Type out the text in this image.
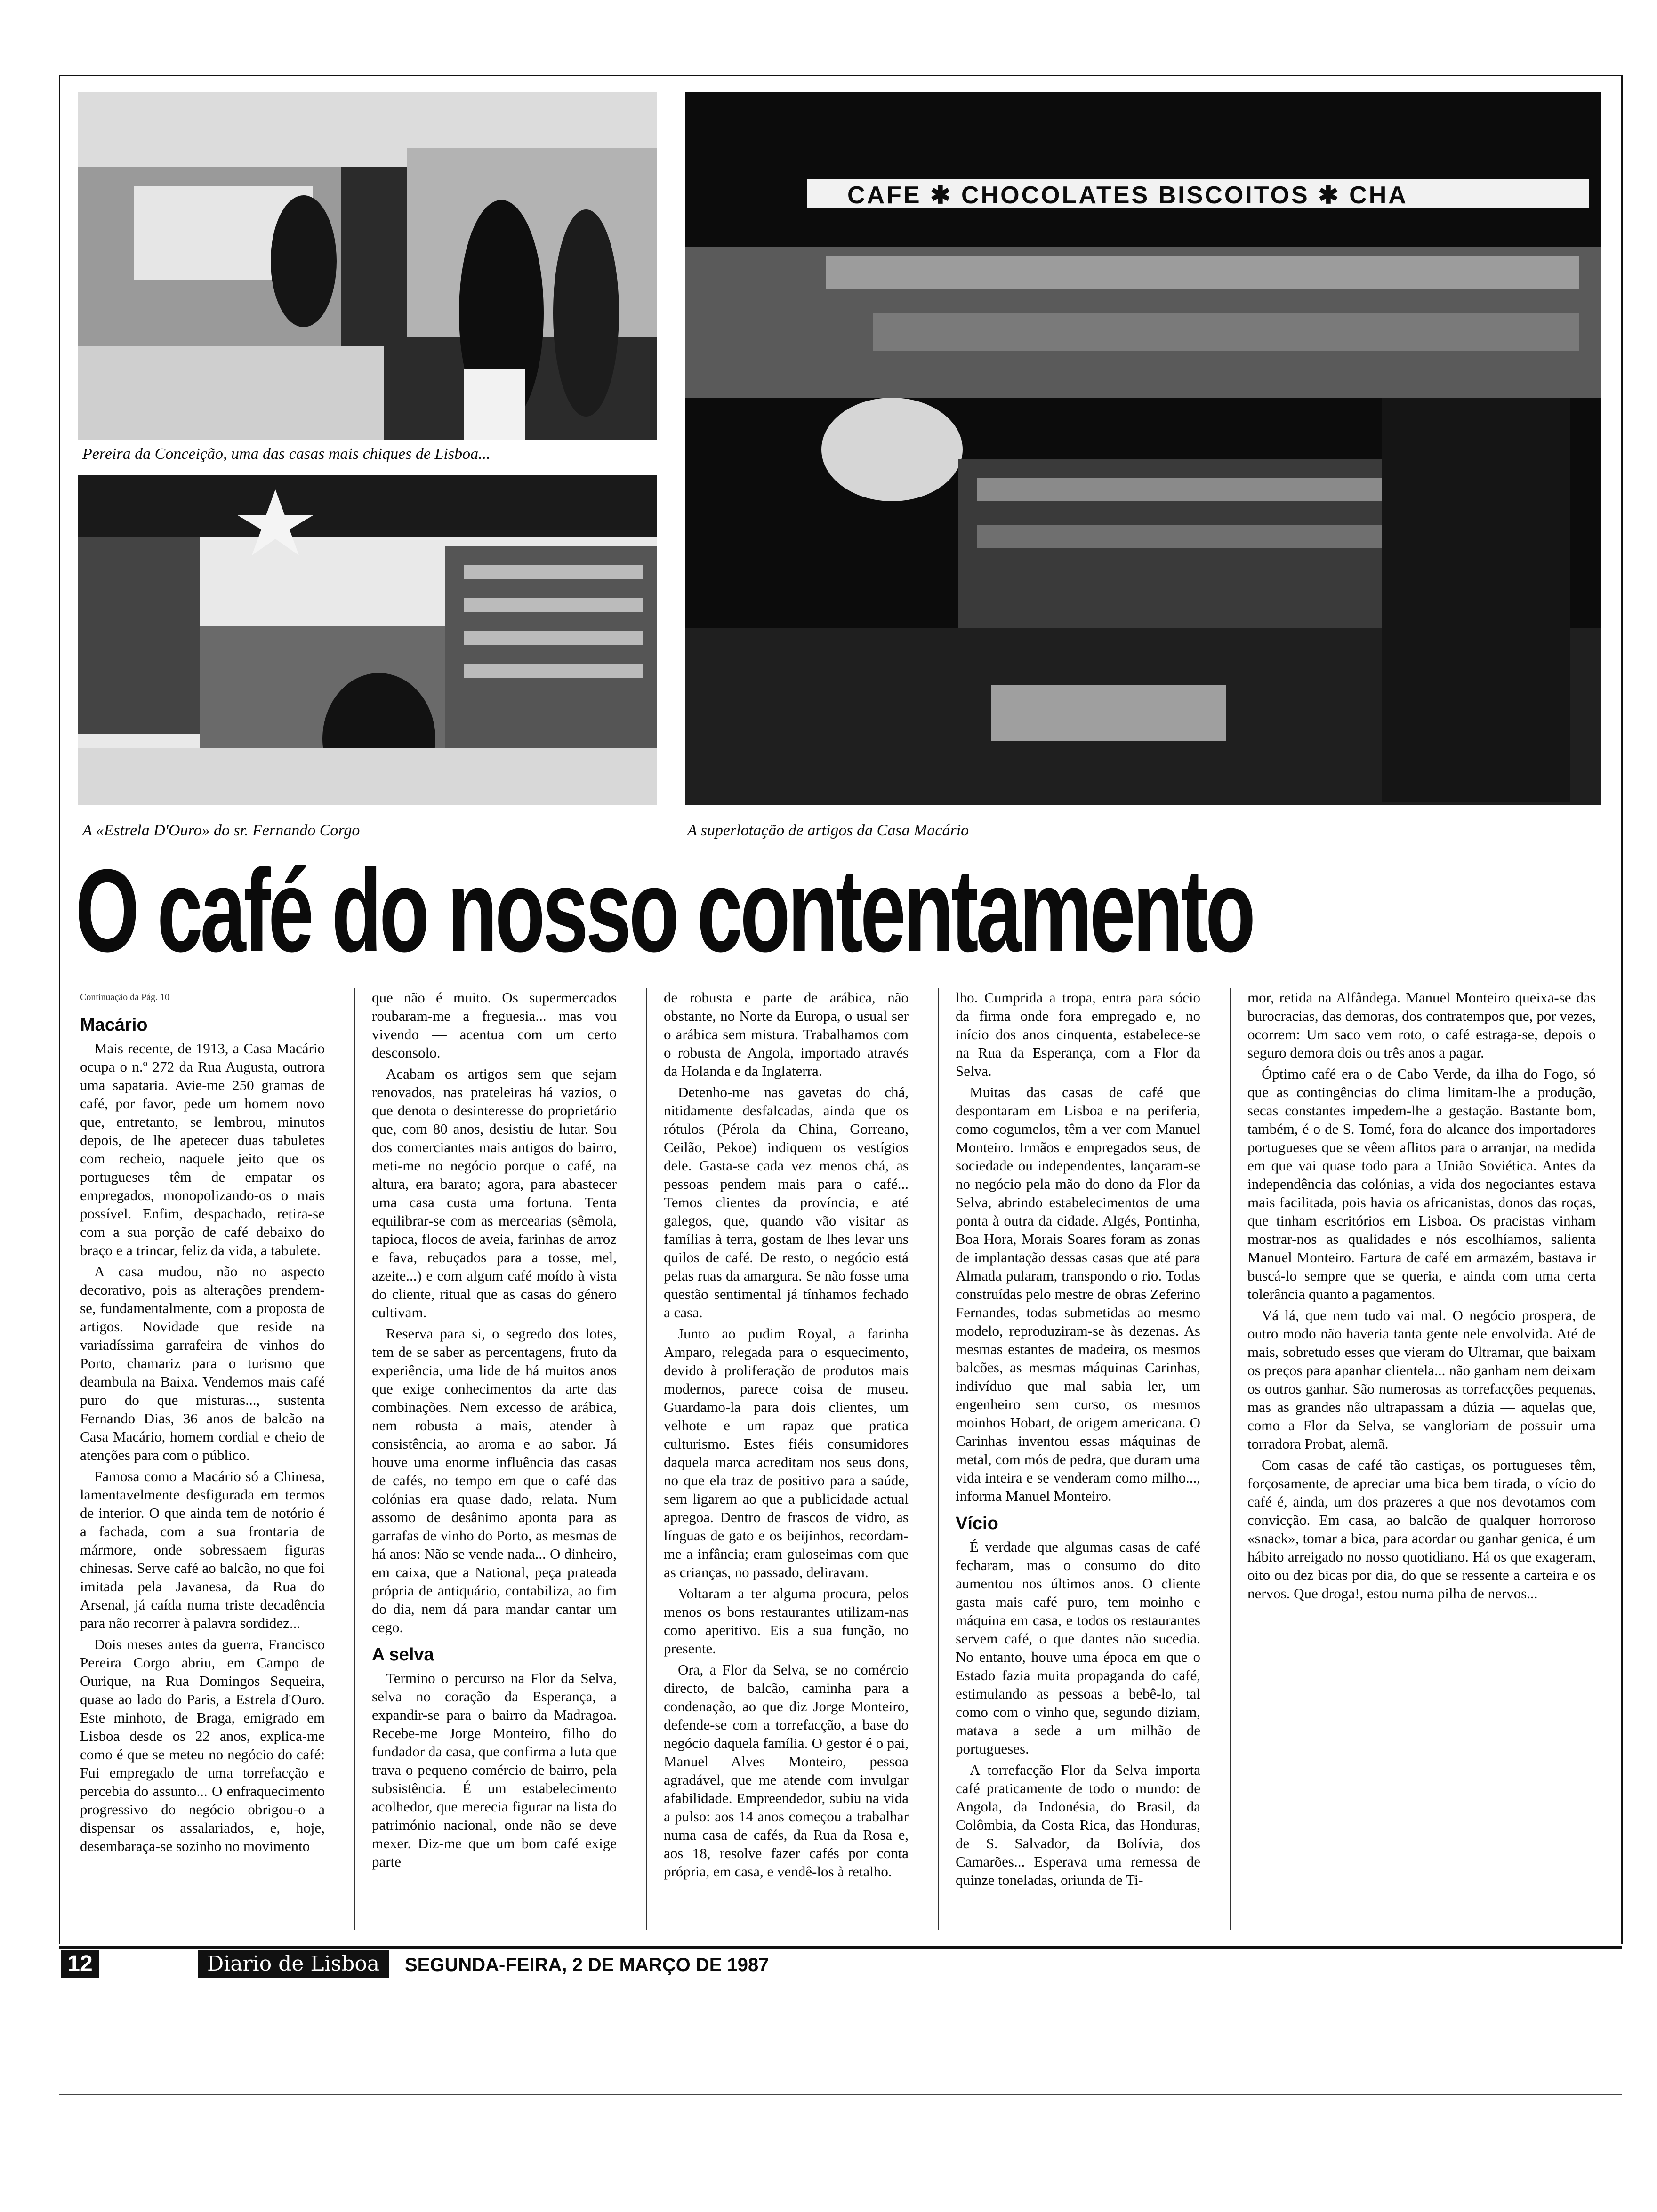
Pereira da Conceição, uma das casas mais chiques de Lisboa...
A «Estrela D'Ouro» do sr. Fernando Corgo
CAFE ✱ CHOCOLATES BISCOITOS ✱ CHA
A superlotação de artigos da Casa Macário
O café do nosso contentamento
Continuação da Pág. 10
Macário

Mais recente, de 1913, a Casa Macário ocupa o n.º 272 da Rua Augusta, outrora uma sapataria. Avie-me 250 gramas de café, por favor, pede um homem novo que, entretanto, se lembrou, minutos depois, de lhe apetecer duas tabuletes com recheio, naquele jeito que os portugueses têm de empatar os empregados, monopolizando-os o mais possível. Enfim, despachado, retira-se com a sua porção de café debaixo do braço e a trincar, feliz da vida, a tabulete.

A casa mudou, não no aspecto decorativo, pois as alterações prendem-se, fundamentalmente, com a proposta de artigos. Novidade que reside na variadíssima garrafeira de vinhos do Porto, chamariz para o turismo que deambula na Baixa. Vendemos mais café puro do que misturas..., sustenta Fernando Dias, 36 anos de balcão na Casa Macário, homem cordial e cheio de atenções para com o público.

Famosa como a Macário só a Chinesa, lamentavelmente desfigurada em termos de interior. O que ainda tem de notório é a fachada, com a sua frontaria de mármore, onde sobressaem figuras chinesas. Serve café ao balcão, no que foi imitada pela Javanesa, da Rua do Arsenal, já caída numa triste decadência para não recorrer à palavra sordidez...

Dois meses antes da guerra, Francisco Pereira Corgo abriu, em Campo de Ourique, na Rua Domingos Sequeira, quase ao lado do Paris, a Estrela d'Ouro. Este minhoto, de Braga, emigrado em Lisboa desde os 22 anos, explica-me como é que se meteu no negócio do café: Fui empregado de uma torrefacção e percebia do assunto... O enfraquecimento progressivo do negócio obrigou-o a dispensar os assalariados, e, hoje, desembaraça-se sozinho no movimento

que não é muito. Os supermercados roubaram-me a freguesia... mas vou vivendo — acentua com um certo desconsolo.

Acabam os artigos sem que sejam renovados, nas prateleiras há vazios, o que denota o desinteresse do proprietário que, com 80 anos, desistiu de lutar. Sou dos comerciantes mais antigos do bairro, meti-me no negócio porque o café, na altura, era barato; agora, para abastecer uma casa custa uma fortuna. Tenta equilibrar-se com as mercearias (sêmola, tapioca, flocos de aveia, farinhas de arroz e fava, rebuçados para a tosse, mel, azeite...) e com algum café moído à vista do cliente, ritual que as casas do género cultivam.

Reserva para si, o segredo dos lotes, tem de se saber as percentagens, fruto da experiência, uma lide de há muitos anos que exige conhecimentos da arte das combinações. Nem excesso de arábica, nem robusta a mais, atender à consistência, ao aroma e ao sabor. Já houve uma enorme influência das casas de cafés, no tempo em que o café das colónias era quase dado, relata. Num assomo de desânimo aponta para as garrafas de vinho do Porto, as mesmas de há anos: Não se vende nada... O dinheiro, em caixa, que a National, peça prateada própria de antiquário, contabiliza, ao fim do dia, nem dá para mandar cantar um cego.

A selva

Termino o percurso na Flor da Selva, selva no coração da Esperança, a expandir-se para o bairro da Madragoa. Recebe-me Jorge Monteiro, filho do fundador da casa, que confirma a luta que trava o pequeno comércio de bairro, pela subsistência. É um estabelecimento acolhedor, que merecia figurar na lista do património nacional, onde não se deve mexer. Diz-me que um bom café exige parte

de robusta e parte de arábica, não obstante, no Norte da Europa, o usual ser o arábica sem mistura. Trabalhamos com o robusta de Angola, importado através da Holanda e da Inglaterra.

Detenho-me nas gavetas do chá, nitidamente desfalcadas, ainda que os rótulos (Pérola da China, Gorreano, Ceilão, Pekoe) indiquem os vestígios dele. Gasta-se cada vez menos chá, as pessoas pendem mais para o café... Temos clientes da província, e até galegos, que, quando vão visitar as famílias à terra, gostam de lhes levar uns quilos de café. De resto, o negócio está pelas ruas da amargura. Se não fosse uma questão sentimental já tínhamos fechado a casa.

Junto ao pudim Royal, a farinha Amparo, relegada para o esquecimento, devido à proliferação de produtos mais modernos, parece coisa de museu. Guardamo-la para dois clientes, um velhote e um rapaz que pratica culturismo. Estes fiéis consumidores daquela marca acreditam nos seus dons, no que ela traz de positivo para a saúde, sem ligarem ao que a publicidade actual apregoa. Dentro de frascos de vidro, as línguas de gato e os beijinhos, recordam-me a infância; eram guloseimas com que as crianças, no passado, deliravam.

Voltaram a ter alguma procura, pelos menos os bons restaurantes utilizam-nas como aperitivo. Eis a sua função, no presente.

Ora, a Flor da Selva, se no comércio directo, de balcão, caminha para a condenação, ao que diz Jorge Monteiro, defende-se com a torrefacção, a base do negócio daquela família. O gestor é o pai, Manuel Alves Monteiro, pessoa agradável, que me atende com invulgar afabilidade. Empreendedor, subiu na vida a pulso: aos 14 anos começou a trabalhar numa casa de cafés, da Rua da Rosa e, aos 18, resolve fazer cafés por conta própria, em casa, e vendê-los à retalho.

lho. Cumprida a tropa, entra para sócio da firma onde fora empregado e, no início dos anos cinquenta, estabelece-se na Rua da Esperança, com a Flor da Selva.

Muitas das casas de café que despontaram em Lisboa e na periferia, como cogumelos, têm a ver com Manuel Monteiro. Irmãos e empregados seus, de sociedade ou independentes, lançaram-se no negócio pela mão do dono da Flor da Selva, abrindo estabelecimentos de uma ponta à outra da cidade. Algés, Pontinha, Boa Hora, Morais Soares foram as zonas de implantação dessas casas que até para Almada pularam, transpondo o rio. Todas construídas pelo mestre de obras Zeferino Fernandes, todas submetidas ao mesmo modelo, reproduziram-se às dezenas. As mesmas estantes de madeira, os mesmos balcões, as mesmas máquinas Carinhas, indivíduo que mal sabia ler, um engenheiro sem curso, os mesmos moinhos Hobart, de origem americana. O Carinhas inventou essas máquinas de metal, com mós de pedra, que duram uma vida inteira e se venderam como milho..., informa Manuel Monteiro.

Vício

É verdade que algumas casas de café fecharam, mas o consumo do dito aumentou nos últimos anos. O cliente gasta mais café puro, tem moinho e máquina em casa, e todos os restaurantes servem café, o que dantes não sucedia. No entanto, houve uma época em que o Estado fazia muita propaganda do café, estimulando as pessoas a bebê-lo, tal como com o vinho que, segundo diziam, matava a sede a um milhão de portugueses.

A torrefacção Flor da Selva importa café praticamente de todo o mundo: de Angola, da Indonésia, do Brasil, da Colômbia, da Costa Rica, das Honduras, de S. Salvador, da Bolívia, dos Camarões... Esperava uma remessa de quinze toneladas, oriunda de Ti-

mor, retida na Alfândega. Manuel Monteiro queixa-se das burocracias, das demoras, dos contratempos que, por vezes, ocorrem: Um saco vem roto, o café estraga-se, depois o seguro demora dois ou três anos a pagar.

Óptimo café era o de Cabo Verde, da ilha do Fogo, só que as contingências do clima limitam-lhe a produção, secas constantes impedem-lhe a gestação. Bastante bom, também, é o de S. Tomé, fora do alcance dos importadores portugueses que se vêem aflitos para o arranjar, na medida em que vai quase todo para a União Soviética. Antes da independência das colónias, a vida dos negociantes estava mais facilitada, pois havia os africanistas, donos das roças, que tinham escritórios em Lisboa. Os pracistas vinham mostrar-nos as qualidades e nós escolhíamos, salienta Manuel Monteiro. Fartura de café em armazém, bastava ir buscá-lo sempre que se queria, e ainda com uma certa tolerância quanto a pagamentos.

Vá lá, que nem tudo vai mal. O negócio prospera, de outro modo não haveria tanta gente nele envolvida. Até de mais, sobretudo esses que vieram do Ultramar, que baixam os preços para apanhar clientela... não ganham nem deixam os outros ganhar. São numerosas as torrefacções pequenas, mas as grandes não ultrapassam a dúzia — aquelas que, como a Flor da Selva, se vangloriam de possuir uma torradora Probat, alemã.

Com casas de café tão castiças, os portugueses têm, forçosamente, de apreciar uma bica bem tirada, o vício do café é, ainda, um dos prazeres a que nos devotamos com convicção. Em casa, ao balcão de qualquer horroroso «snack», tomar a bica, para acordar ou ganhar genica, é um hábito arreigado no nosso quotidiano. Há os que exageram, oito ou dez bicas por dia, do que se ressente a carteira e os nervos. Que droga!, estou numa pilha de nervos...

12	Diario de Lisboa	SEGUNDA-FEIRA, 2 DE MARÇO DE 1987
